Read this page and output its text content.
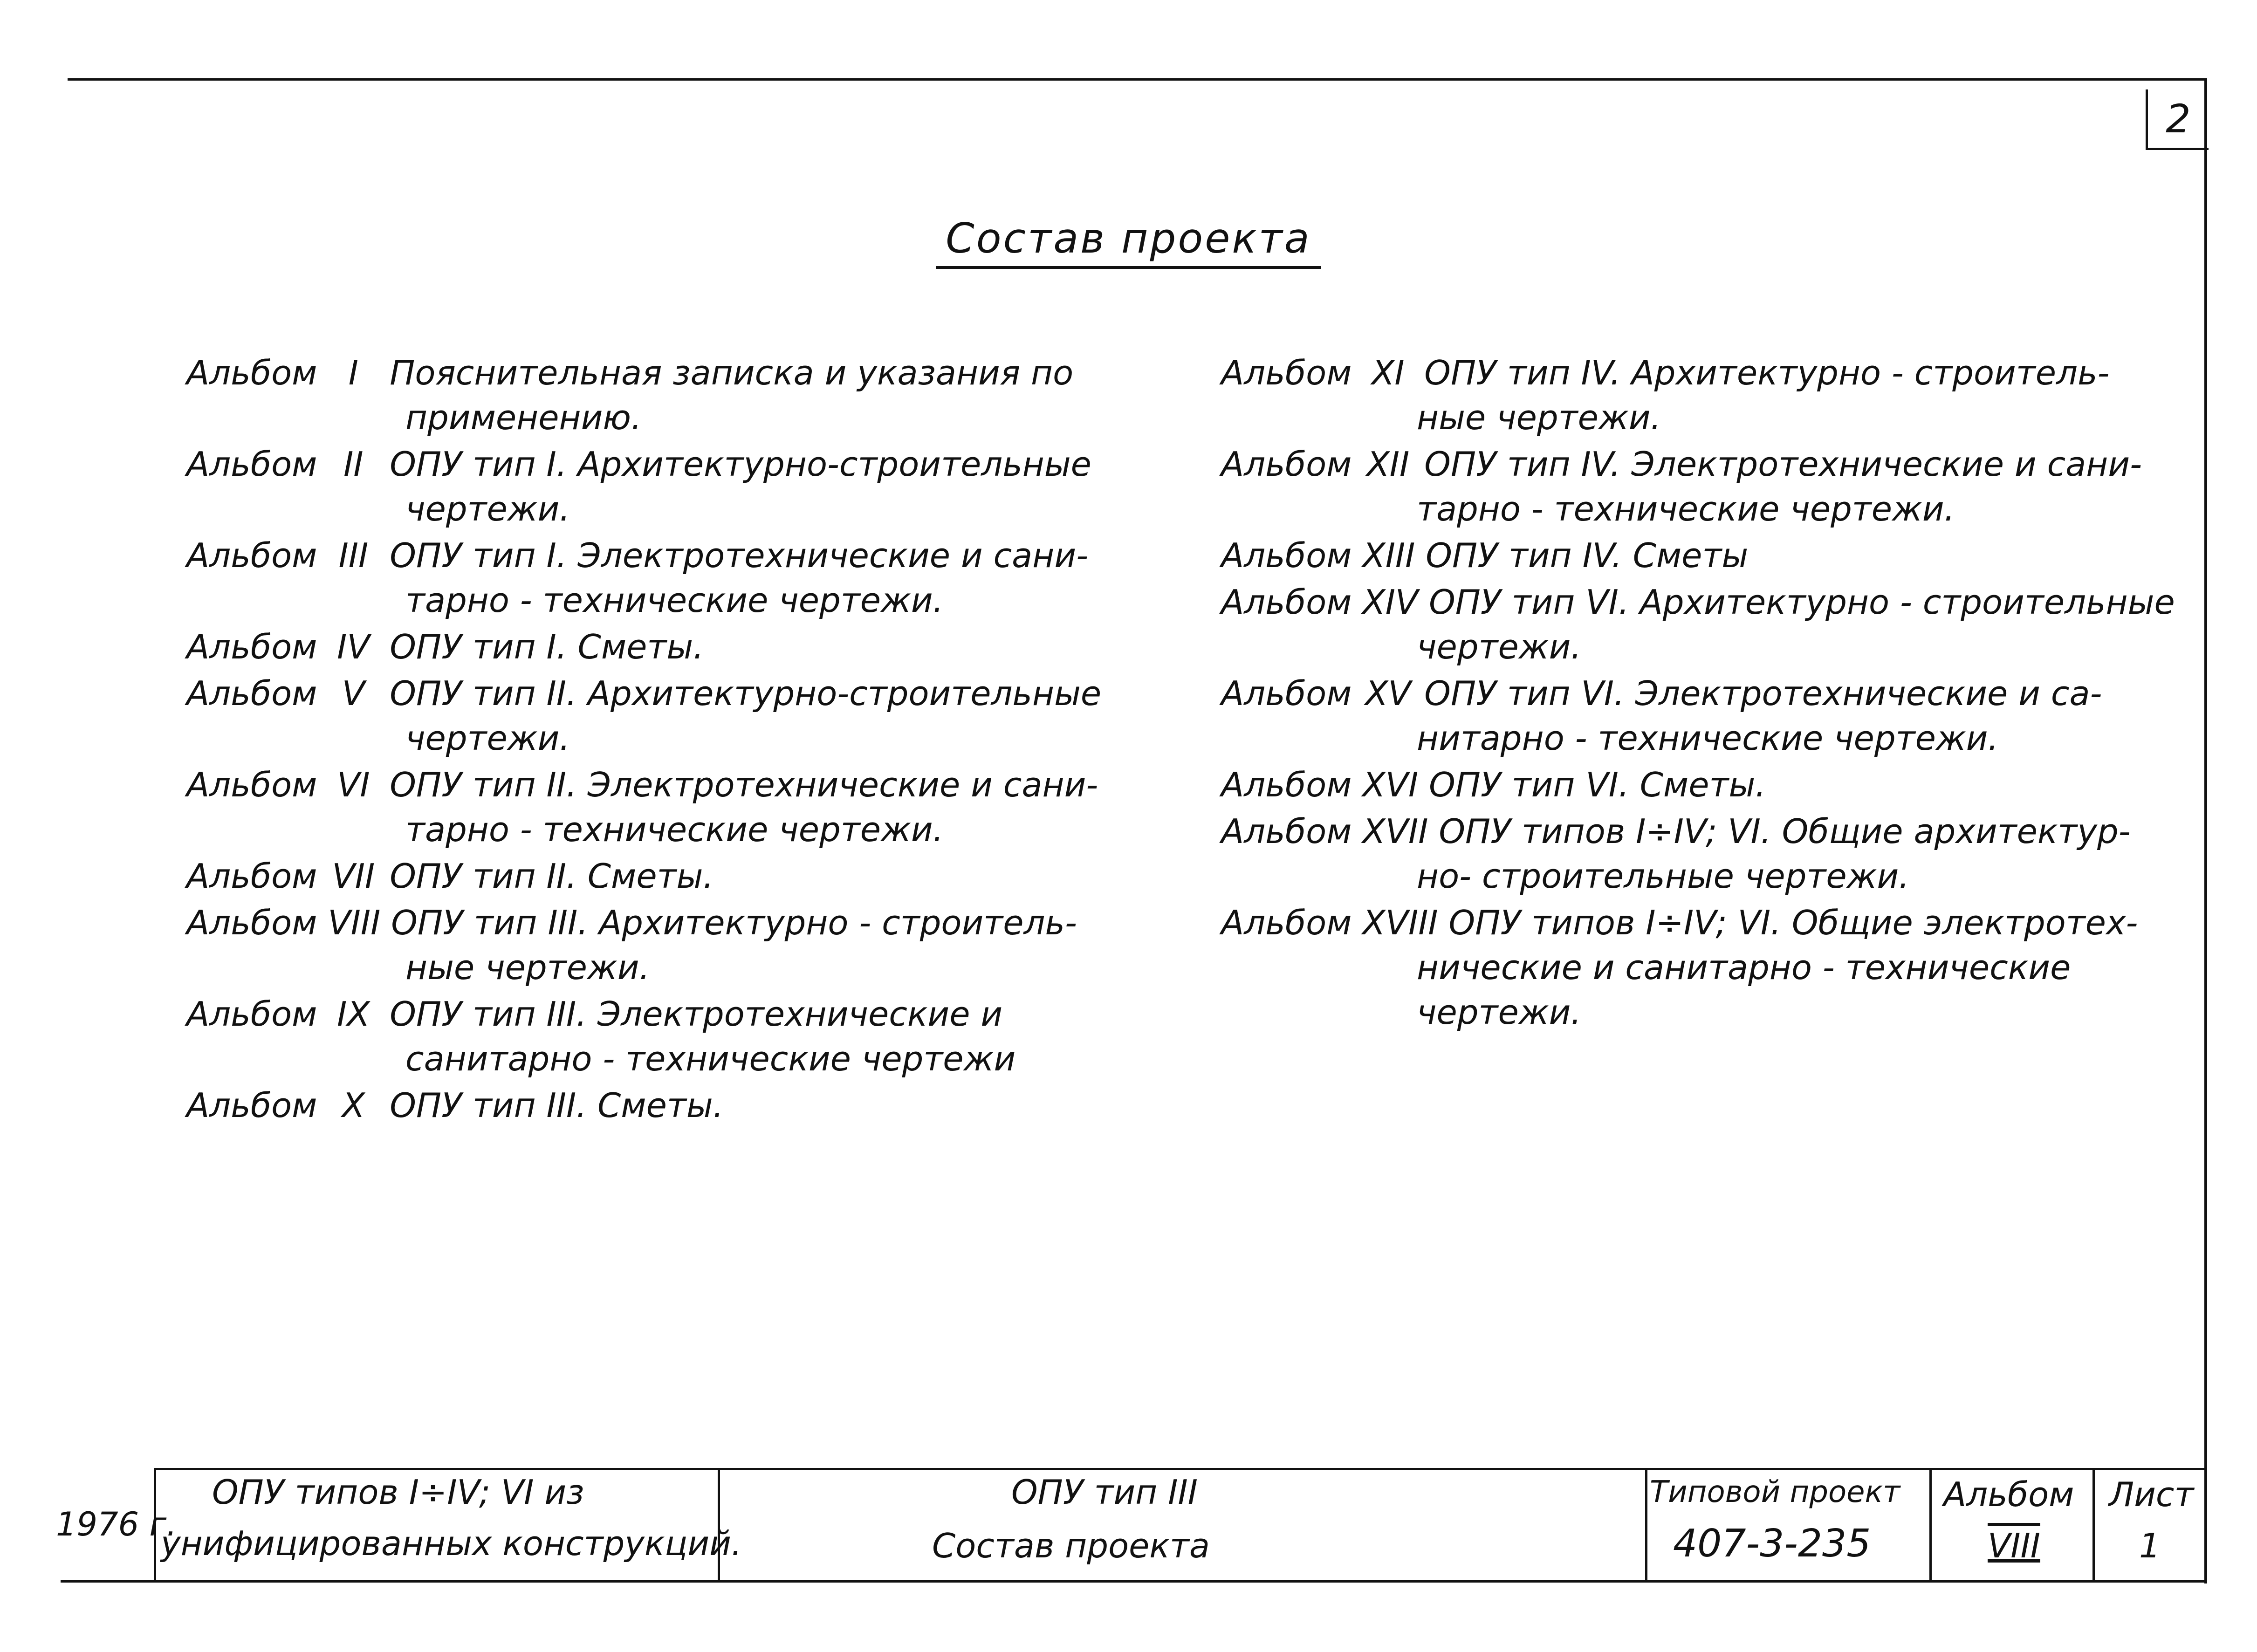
2
Состав проекта
Альбом I Пояснительная записка и указания по
применению.
Альбом II ОПУ тип I. Архитектурно-строительные
чертежи.
Альбом III ОПУ тип I. Электротехнические и сани-
тарно - технические чертежи.
Альбом IV ОПУ тип I. Сметы.
Альбом V ОПУ тип II. Архитектурно-строительные
чертежи.
Альбом VI ОПУ тип II. Электротехнические и сани-
тарно - технические чертежи.
Альбом VII ОПУ тип II. Сметы.
Альбом VIII ОПУ тип III. Архитектурно - строитель-
ные чертежи.
Альбом IX ОПУ тип III. Электротехнические и
санитарно - технические чертежи
Альбом X ОПУ тип III. Сметы.
Альбом XI ОПУ тип IV. Архитектурно - строитель-
ные чертежи.
Альбом XII ОПУ тип IV. Электротехнические и сани-
тарно - технические чертежи.
Альбом XIII ОПУ тип IV. Сметы
Альбом XIV ОПУ тип VI. Архитектурно - строительные
чертежи.
Альбом XV ОПУ тип VI. Электротехнические и са-
нитарно - технические чертежи.
Альбом XVI ОПУ тип VI. Сметы.
Альбом XVII ОПУ типов I÷IV; VI. Общие архитектур-
но- строительные чертежи.
Альбом XVIII ОПУ типов I÷IV; VI. Общие электротех-
нические и санитарно - технические
чертежи.
1976 г.
ОПУ типов I÷IV; VI из
унифицированных конструкций.
ОПУ тип III
Состав проекта
Типовой проект
407-3-235
Альбом
VIII
Лист
1
